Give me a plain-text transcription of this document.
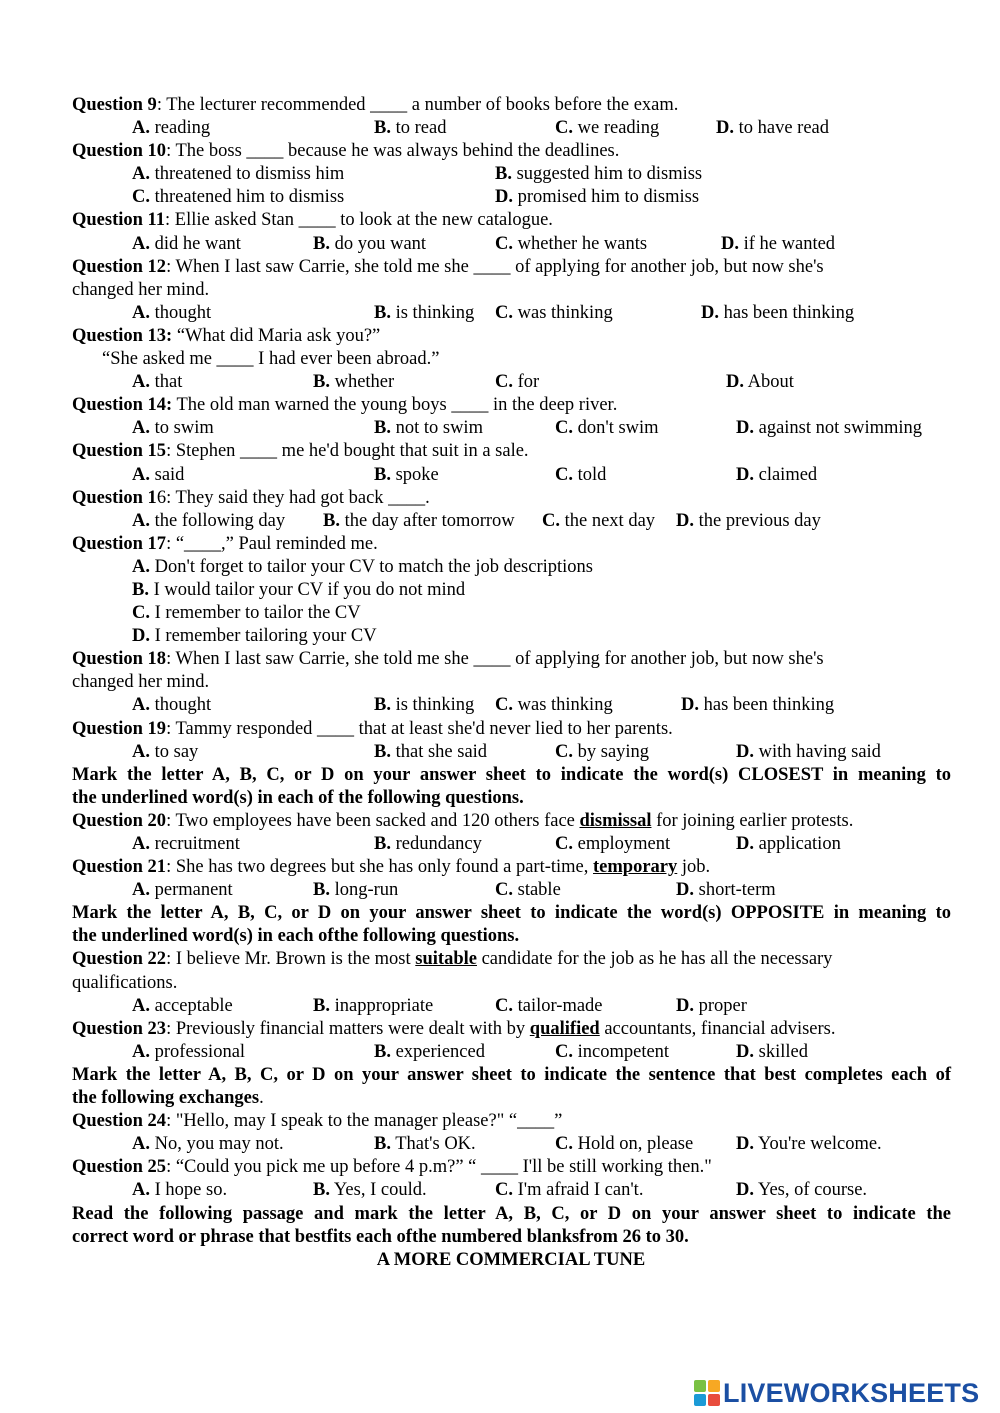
Question 9: The lecturer recommended ____ a number of books before the exam.
A. reading	B. to read	C. we reading	D. to have read
Question 10: The boss ____ because he was always behind the deadlines.
A. threatened to dismiss him	B. suggested him to dismiss
C. threatened him to dismiss	D. promised him to dismiss
Question 11: Ellie asked Stan ____ to look at the new catalogue.
A. did he want	B. do you want	C. whether he wants	D. if he wanted
Question 12: When I last saw Carrie, she told me she ____ of applying for another job, but now she's
changed her mind.
A. thought	B. is thinking C. was thinking	D. has been thinking
Question 13: “What did Maria ask you?”
“She asked me ____ I had ever been abroad.”
A. that	B. whether	C. for	D. About
Question 14: The old man warned the young boys ____ in the deep river.
A. to swim	B. not to swim	C. don't swim	D. against not swimming
Question 15: Stephen ____ me he'd bought that suit in a sale.
A. said	B. spoke	C. told	D. claimed
Question 16: They said they had got back ____.
A. the following day B. the day after tomorrow C. the next day D. the previous day
Question 17: “____,” Paul reminded me.
A. Don't forget to tailor your CV to match the job descriptions
B. I would tailor your CV if you do not mind
C. I remember to tailor the CV
D. I remember tailoring your CV
Question 18: When I last saw Carrie, she told me she ____ of applying for another job, but now she's
changed her mind.
A. thought	B. is thinking C. was thinking	D. has been thinking
Question 19: Tammy responded ____ that at least she'd never lied to her parents.
A. to say	B. that she said	C. by saying	D. with having said
Mark the letter A, B, C, or D on your answer sheet to indicate the word(s) CLOSEST in meaning to
the underlined word(s) in each of the following questions.
Question 20: Two employees have been sacked and 120 others face dismissal for joining earlier protests.
A. recruitment	B. redundancy	C. employment	D. application
Question 21: She has two degrees but she has only found a part-time, temporary job.
A. permanent	B. long-run	C. stable	D. short-term
Mark the letter A, B, C, or D on your answer sheet to indicate the word(s) OPPOSITE in meaning to
the underlined word(s) in each ofthe following questions.
Question 22: I believe Mr. Brown is the most suitable candidate for the job as he has all the necessary
qualifications.
A. acceptable	B. inappropriate	C. tailor-made	D. proper
Question 23: Previously financial matters were dealt with by qualified accountants, financial advisers.
A. professional	B. experienced	C. incompetent	D. skilled
Mark the letter A, B, C, or D on your answer sheet to indicate the sentence that best completes each of
the following exchanges.
Question 24: "Hello, may I speak to the manager please?" “____”
A. No, you may not.	B. That's OK.	C. Hold on, please D. You're welcome.
Question 25: “Could you pick me up before 4 p.m?” “ ____ I'll be still working then."
A. I hope so.	B. Yes, I could.	C. I'm afraid I can't.	D. Yes, of course.
Read the following passage and mark the letter A, B, C, or D on your answer sheet to indicate the
correct word or phrase that bestfits each ofthe numbered blanksfrom 26 to 30.
A MORE COMMERCIAL TUNE
LIVEWORKSHEETS
